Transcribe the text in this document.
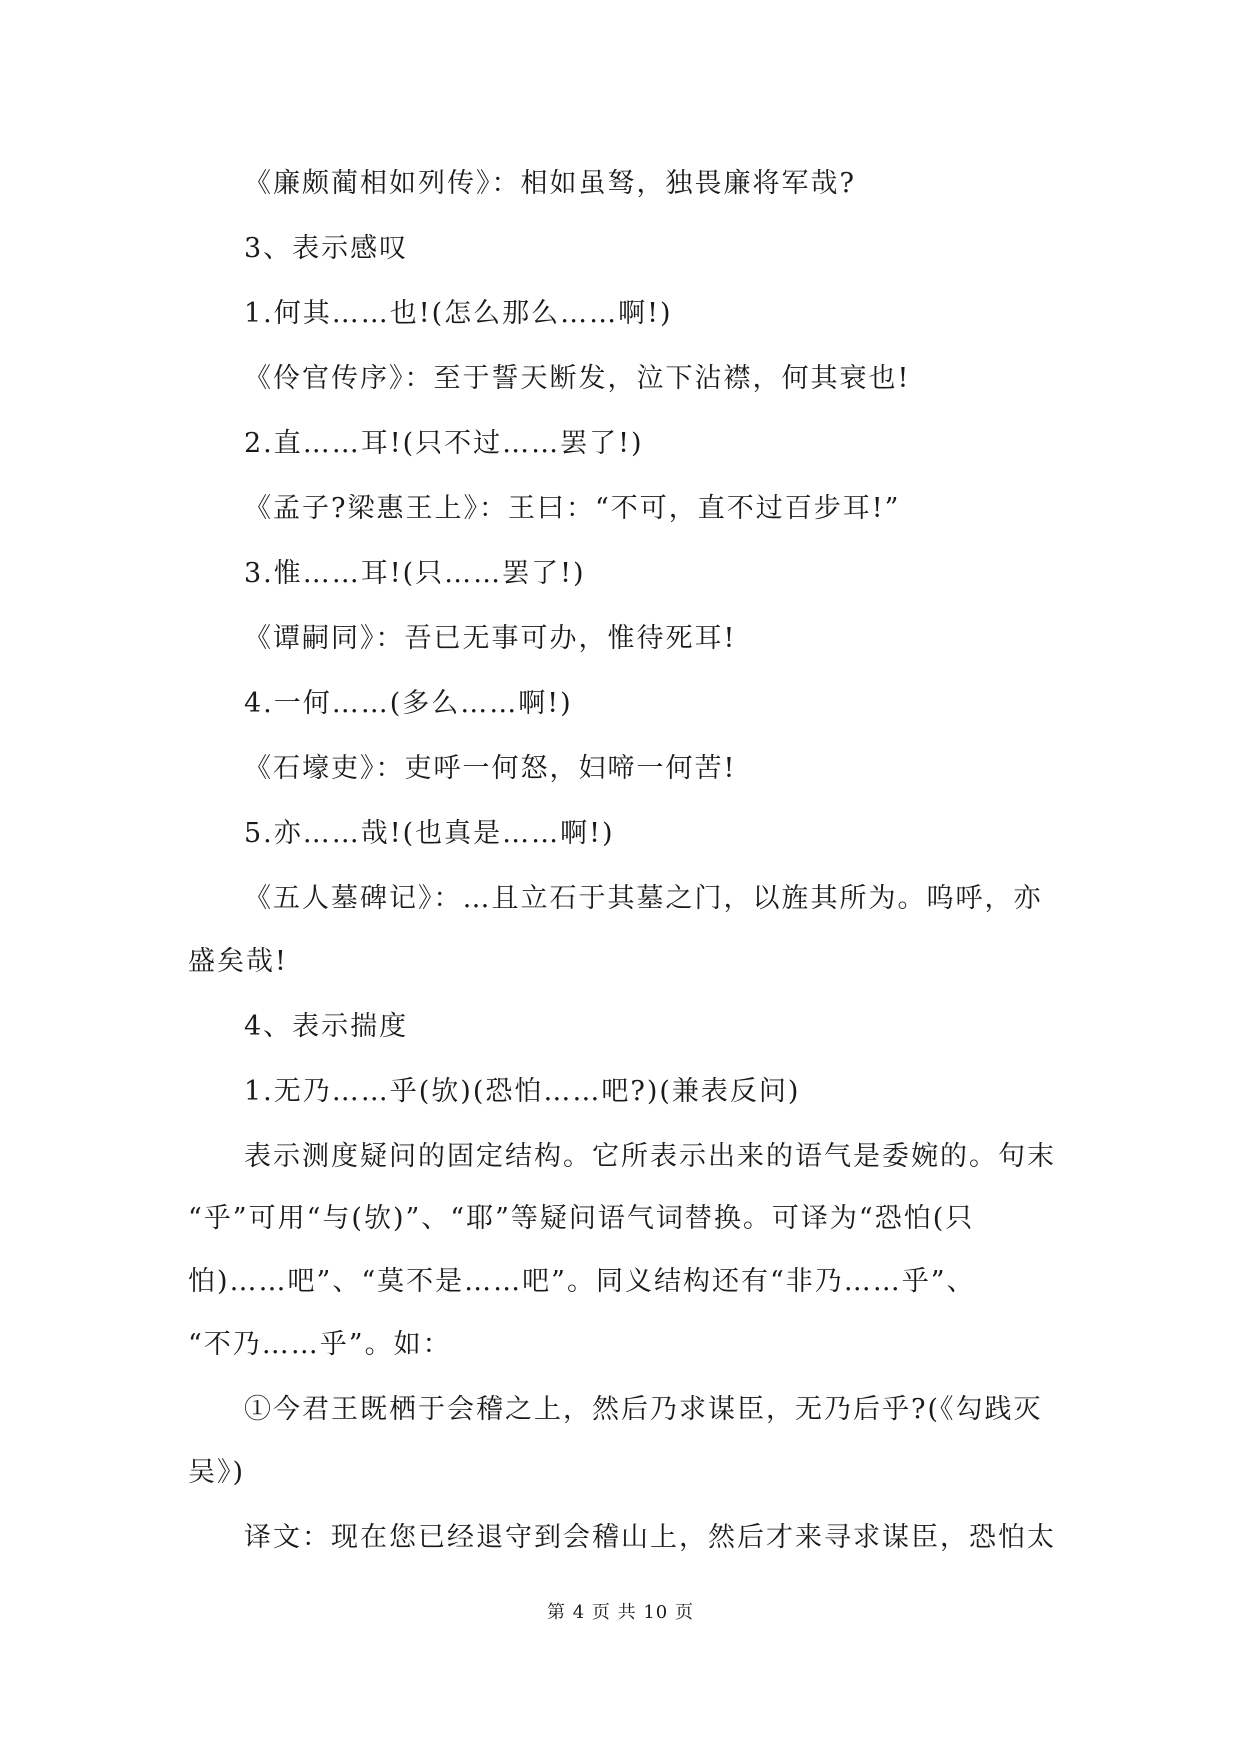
《廉颇蔺相如列传》：相如虽驽，独畏廉将军哉?
3、表示感叹
1.何其……也!(怎么那么……啊!)
《伶官传序》：至于誓天断发，泣下沾襟，何其衰也!
2.直……耳!(只不过……罢了!)
《孟子?梁惠王上》：王曰：“不可，直不过百步耳!”
3.惟……耳!(只……罢了!)
《谭嗣同》：吾已无事可办，惟待死耳!
4.一何……(多么……啊!)
《石壕吏》：吏呼一何怒，妇啼一何苦!
5.亦……哉!(也真是……啊!)
《五人墓碑记》：…且立石于其墓之门，以旌其所为。呜呼，亦
盛矣哉!
4、表示揣度
1.无乃……乎(欤)(恐怕……吧?)(兼表反问)
表示测度疑问的固定结构。它所表示出来的语气是委婉的。句末
“乎”可用“与(欤)”、“耶”等疑问语气词替换。可译为“恐怕(只
怕)……吧”、“莫不是……吧”。同义结构还有“非乃……乎”、
“不乃……乎”。如：
①今君王既栖于会稽之上，然后乃求谋臣，无乃后乎?(《勾践灭
吴》)
译文：现在您已经退守到会稽山上，然后才来寻求谋臣，恐怕太
第 4 页 共 10 页
